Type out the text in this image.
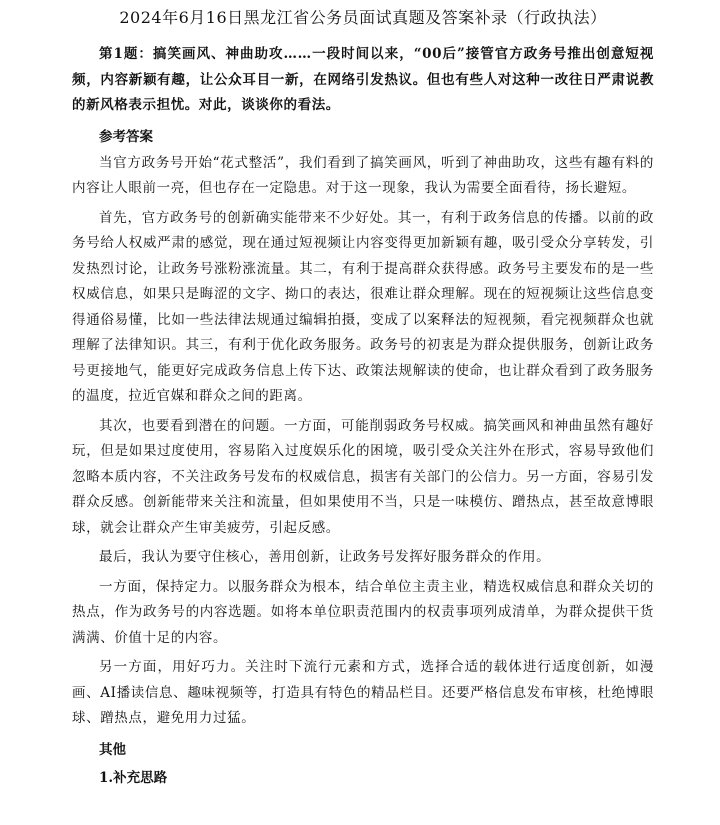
2024年6月16日黑龙江省公务员面试真题及答案补录（行政执法）

第1题：搞笑画风、神曲助攻……一段时间以来，“00后”接管官方政务号推出创意短视频，内容新颖有趣，让公众耳目一新，在网络引发热议。但也有些人对这种一改往日严肃说教的新风格表示担忧。对此，谈谈你的看法。

参考答案

当官方政务号开始“花式整活”，我们看到了搞笑画风，听到了神曲助攻，这些有趣有料的内容让人眼前一亮，但也存在一定隐患。对于这一现象，我认为需要全面看待，扬长避短。

首先，官方政务号的创新确实能带来不少好处。其一，有利于政务信息的传播。以前的政务号给人权威严肃的感觉，现在通过短视频让内容变得更加新颖有趣，吸引受众分享转发，引发热烈讨论，让政务号涨粉涨流量。其二，有利于提高群众获得感。政务号主要发布的是一些权威信息，如果只是晦涩的文字、拗口的表达，很难让群众理解。现在的短视频让这些信息变得通俗易懂，比如一些法律法规通过编辑拍摄，变成了以案释法的短视频，看完视频群众也就理解了法律知识。其三，有利于优化政务服务。政务号的初衷是为群众提供服务，创新让政务号更接地气，能更好完成政务信息上传下达、政策法规解读的使命，也让群众看到了政务服务的温度，拉近官媒和群众之间的距离。

其次，也要看到潜在的问题。一方面，可能削弱政务号权威。搞笑画风和神曲虽然有趣好玩，但是如果过度使用，容易陷入过度娱乐化的困境，吸引受众关注外在形式，容易导致他们忽略本质内容，不关注政务号发布的权威信息，损害有关部门的公信力。另一方面，容易引发群众反感。创新能带来关注和流量，但如果使用不当，只是一味模仿、蹭热点，甚至故意博眼球，就会让群众产生审美疲劳，引起反感。

最后，我认为要守住核心，善用创新，让政务号发挥好服务群众的作用。

一方面，保持定力。以服务群众为根本，结合单位主责主业，精选权威信息和群众关切的热点，作为政务号的内容选题。如将本单位职责范围内的权责事项列成清单，为群众提供干货满满、价值十足的内容。

另一方面，用好巧力。关注时下流行元素和方式，选择合适的载体进行适度创新，如漫画、AI播读信息、趣味视频等，打造具有特色的精品栏目。还要严格信息发布审核，杜绝博眼球、蹭热点，避免用力过猛。

其他
1.补充思路
